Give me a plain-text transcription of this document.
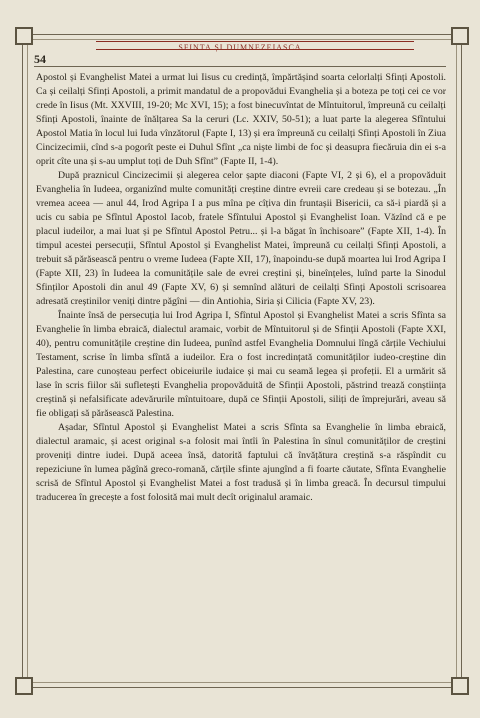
SFINTA ȘI DUMNEZEIASCA
54

Apostol și Evanghelist Matei a urmat lui Iisus cu credință, împărtășind soarta celorlalți Sfinți Apostoli. Ca și ceilalți Sfinți Apostoli, a primit mandatul de a propovădui Evanghelia și a boteza pe toți cei ce vor crede în Iisus (Mt. XXVIII, 19-20; Mc XVI, 15); a fost binecuvîntat de Mîntuitorul, împreună cu ceilalți Sfinți Apostoli, înainte de înălțarea Sa la ceruri (Lc. XXIV, 50-51); a luat parte la alegerea Sfîntului Apostol Matia în locul lui Iuda vînzătorul (Fapte I, 13) și era împreună cu ceilalți Sfinți Apostoli în Ziua Cincizecimii, cînd s-a pogorît peste ei Duhul Sfînt „ca niște limbi de foc și deasupra fiecăruia din ei s-a oprit cîte una și s-au umplut toți de Duh Sfînt” (Fapte II, 1-4).

După praznicul Cincizecimii și alegerea celor șapte diaconi (Fapte VI, 2 și 6), el a propovăduit Evanghelia în Iudeea, organizînd multe comunități creștine dintre evreii care credeau și se botezau. „În vremea aceea — anul 44, Irod Agripa I a pus mîna pe cîțiva din fruntașii Bisericii, ca să-i piardă și a ucis cu sabia pe Sfîntul Apostol Iacob, fratele Sfîntului Apostol și Evanghelist Ioan. Văzînd că e pe placul iudeilor, a mai luat și pe Sfîntul Apostol Petru... și l-a băgat în închisoare” (Fapte XII, 1-4). În timpul acestei persecuții, Sfîntul Apostol și Evanghelist Matei, împreună cu ceilalți Sfinți Apostoli, a trebuit să părăsească pentru o vreme Iudeea (Fapte XII, 17), înapoindu-se după moartea lui Irod Agripa I (Fapte XII, 23) în Iudeea la comunitățile sale de evrei creștini și, bineînțeles, luînd parte la Sinodul Sfinților Apostoli din anul 49 (Fapte XV, 6) și semnînd alături de ceilalți Sfinți Apostoli scrisoarea adresată creștinilor veniți dintre păgîni — din Antiohia, Siria și Cilicia (Fapte XV, 23).

Înainte însă de persecuția lui Irod Agripa I, Sfîntul Apostol și Evanghelist Matei a scris Sfînta sa Evanghelie în limba ebraică, dialectul aramaic, vorbit de Mîntuitorul și de Sfinții Apostoli (Fapte XXI, 40), pentru comunitățile creștine din Iudeea, punînd astfel Evanghelia Domnului lîngă cărțile Vechiului Testament, scrise în limba sfîntă a iudeilor. Era o fost incredințată comunităților iudeo-creștine din Palestina, care cunoșteau perfect obiceiurile iudaice și mai cu seamă legea și profeții. El a urmărit să lase în scris fiilor săi sufletești Evanghelia propovăduită de Sfinții Apostoli, păstrind trează conștiința creștină și nefalsificate adevărurile mîntuitoare, după ce Sfinții Apostoli, siliți de împrejurări, aveau să fie obligați să părăsească Palestina.

Așadar, Sfîntul Apostol și Evanghelist Matei a scris Sfînta sa Evanghelie în limba ebraică, dialectul aramaic, și acest original s-a folosit mai întîi în Palestina în sînul comunităților de creștini proveniți dintre iudei. După aceea însă, datorită faptului că învățătura creștină s-a răspîndit cu repeziciune în lumea păgînă greco-romană, cărțile sfinte ajungînd a fi foarte căutate, Sfînta Evanghelie scrisă de Sfîntul Apostol și Evanghelist Matei a fost tradusă și în limba greacă. În decursul timpului traducerea în grecește a fost folosită mai mult decît originalul aramaic.
